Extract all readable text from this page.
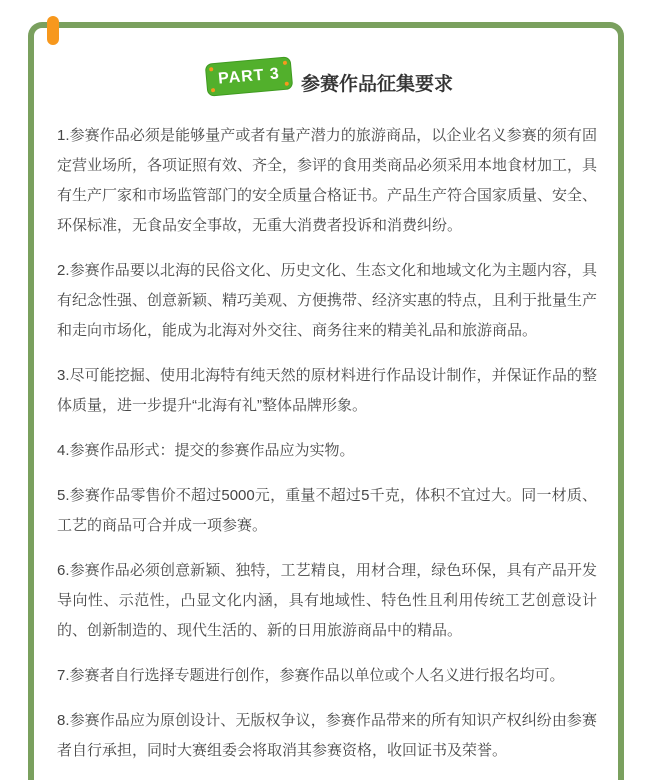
PART 3 参赛作品征集要求

1.参赛作品必须是能够量产或者有量产潜力的旅游商品，以企业名义参赛的须有固定营业场所，各项证照有效、齐全，参评的食用类商品必须采用本地食材加工，具有生产厂家和市场监管部门的安全质量合格证书。产品生产符合国家质量、安全、环保标准，无食品安全事故，无重大消费者投诉和消费纠纷。

2.参赛作品要以北海的民俗文化、历史文化、生态文化和地域文化为主题内容，具有纪念性强、创意新颖、精巧美观、方便携带、经济实惠的特点，且利于批量生产和走向市场化，能成为北海对外交往、商务往来的精美礼品和旅游商品。

3.尽可能挖掘、使用北海特有纯天然的原材料进行作品设计制作，并保证作品的整体质量，进一步提升“北海有礼”整体品牌形象。

4.参赛作品形式：提交的参赛作品应为实物。

5.参赛作品零售价不超过5000元，重量不超过5千克，体积不宜过大。同一材质、工艺的商品可合并成一项参赛。

6.参赛作品必须创意新颖、独特，工艺精良，用材合理，绿色环保，具有产品开发导向性、示范性，凸显文化内涵，具有地域性、特色性且利用传统工艺创意设计的、创新制造的、现代生活的、新的日用旅游商品中的精品。

7.参赛者自行选择专题进行创作，参赛作品以单位或个人名义进行报名均可。

8.参赛作品应为原创设计、无版权争议，参赛作品带来的所有知识产权纠纷由参赛者自行承担，同时大赛组委会将取消其参赛资格，收回证书及荣誉。
